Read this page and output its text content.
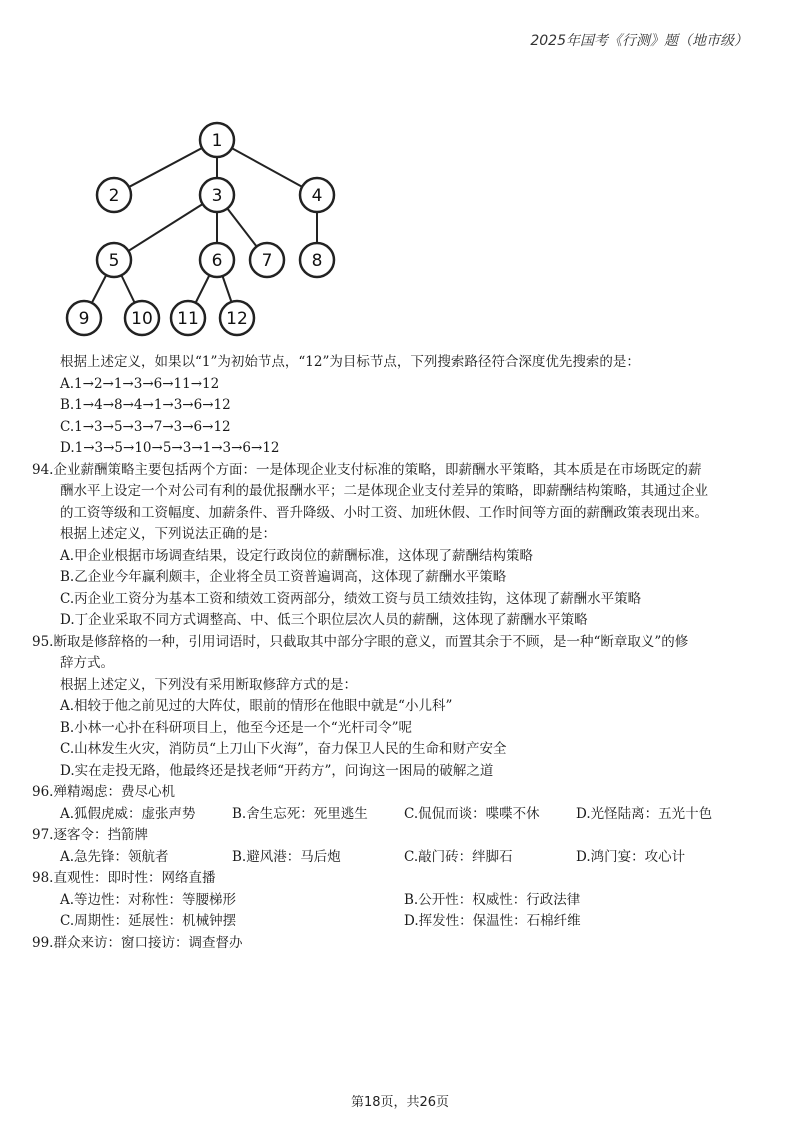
2025年国考《行测》题（地市级）
1
2	3	4
5	6 7 8
9 10 11 12
根据上述定义，如果以“1”为初始节点，“12”为目标节点，下列搜索路径符合深度优先搜索的是：
A.1→2→1→3→6→11→12
B.1→4→8→4→1→3→6→12
C.1→3→5→3→7→3→6→12
D.1→3→5→10→5→3→1→3→6→12
94.企业薪酬策略主要包括两个方面：一是体现企业支付标准的策略，即薪酬水平策略，其本质是在市场既定的薪
酬水平上设定一个对公司有利的最优报酬水平；二是体现企业支付差异的策略，即薪酬结构策略，其通过企业
的工资等级和工资幅度、加薪条件、晋升降级、小时工资、加班休假、工作时间等方面的薪酬政策表现出来。
根据上述定义，下列说法正确的是：
A.甲企业根据市场调查结果，设定行政岗位的薪酬标准，这体现了薪酬结构策略
B.乙企业今年赢利颇丰，企业将全员工资普遍调高，这体现了薪酬水平策略
C.丙企业工资分为基本工资和绩效工资两部分，绩效工资与员工绩效挂钩，这体现了薪酬水平策略
D.丁企业采取不同方式调整高、中、低三个职位层次人员的薪酬，这体现了薪酬水平策略
95.断取是修辞格的一种，引用词语时，只截取其中部分字眼的意义，而置其余于不顾，是一种“断章取义”的修
辞方式。
根据上述定义，下列没有采用断取修辞方式的是：
A.相较于他之前见过的大阵仗，眼前的情形在他眼中就是“小儿科”
B.小林一心扑在科研项目上，他至今还是一个“光杆司令”呢
C.山林发生火灾，消防员“上刀山下火海”，奋力保卫人民的生命和财产安全
D.实在走投无路，他最终还是找老师“开药方”，问询这一困局的破解之道
96.殚精竭虑：费尽心机
A.狐假虎威：虚张声势	B.舍生忘死：死里逃生	C.侃侃而谈：喋喋不休	D.光怪陆离：五光十色
97.逐客令：挡箭牌
A.急先锋：领航者	B.避风港：马后炮	C.敲门砖：绊脚石	D.鸿门宴：攻心计
98.直观性：即时性：网络直播
A.等边性：对称性：等腰梯形	B.公开性：权威性：行政法律
C.周期性：延展性：机械钟摆	D.挥发性：保温性：石棉纤维
99.群众来访：窗口接访：调查督办
第18页，共26页
